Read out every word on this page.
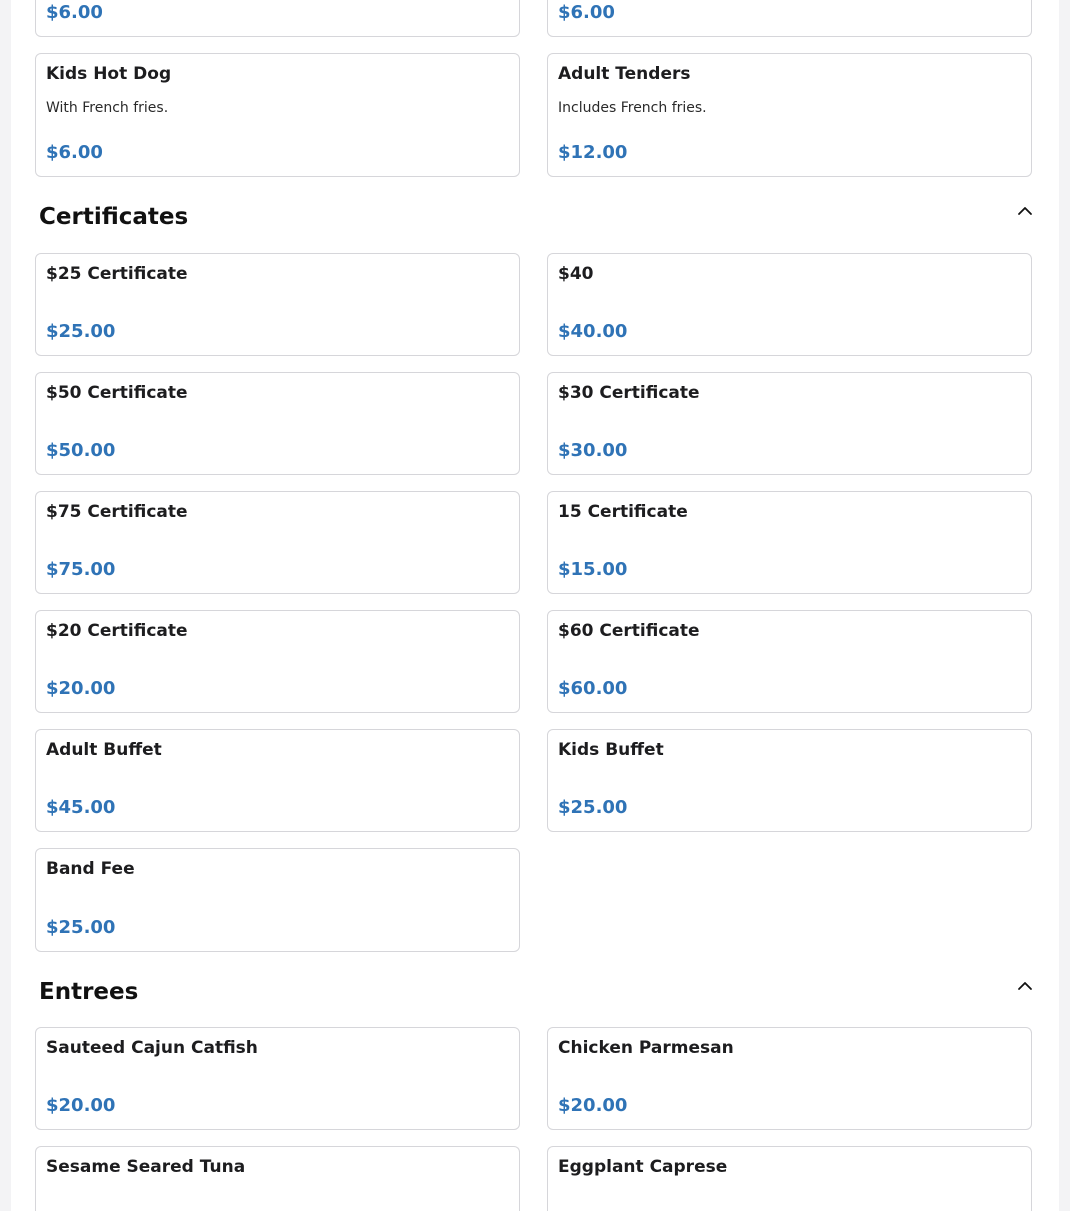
$6.00	$6.00
Kids Hot Dog
With French fries.
$6.00
Adult Tenders
Includes French fries.
$12.00
Certificates
$25 Certificate
$25.00
$40
$40.00
$50 Certificate
$50.00
$30 Certificate
$30.00
$75 Certificate
$75.00
15 Certificate
$15.00
$20 Certificate
$20.00
$60 Certificate
$60.00
Adult Buffet
$45.00
Kids Buffet
$25.00
Band Fee
$25.00
Entrees
Sauteed Cajun Catfish
$20.00
Chicken Parmesan
$20.00
Sesame Seared Tuna	Eggplant Caprese
